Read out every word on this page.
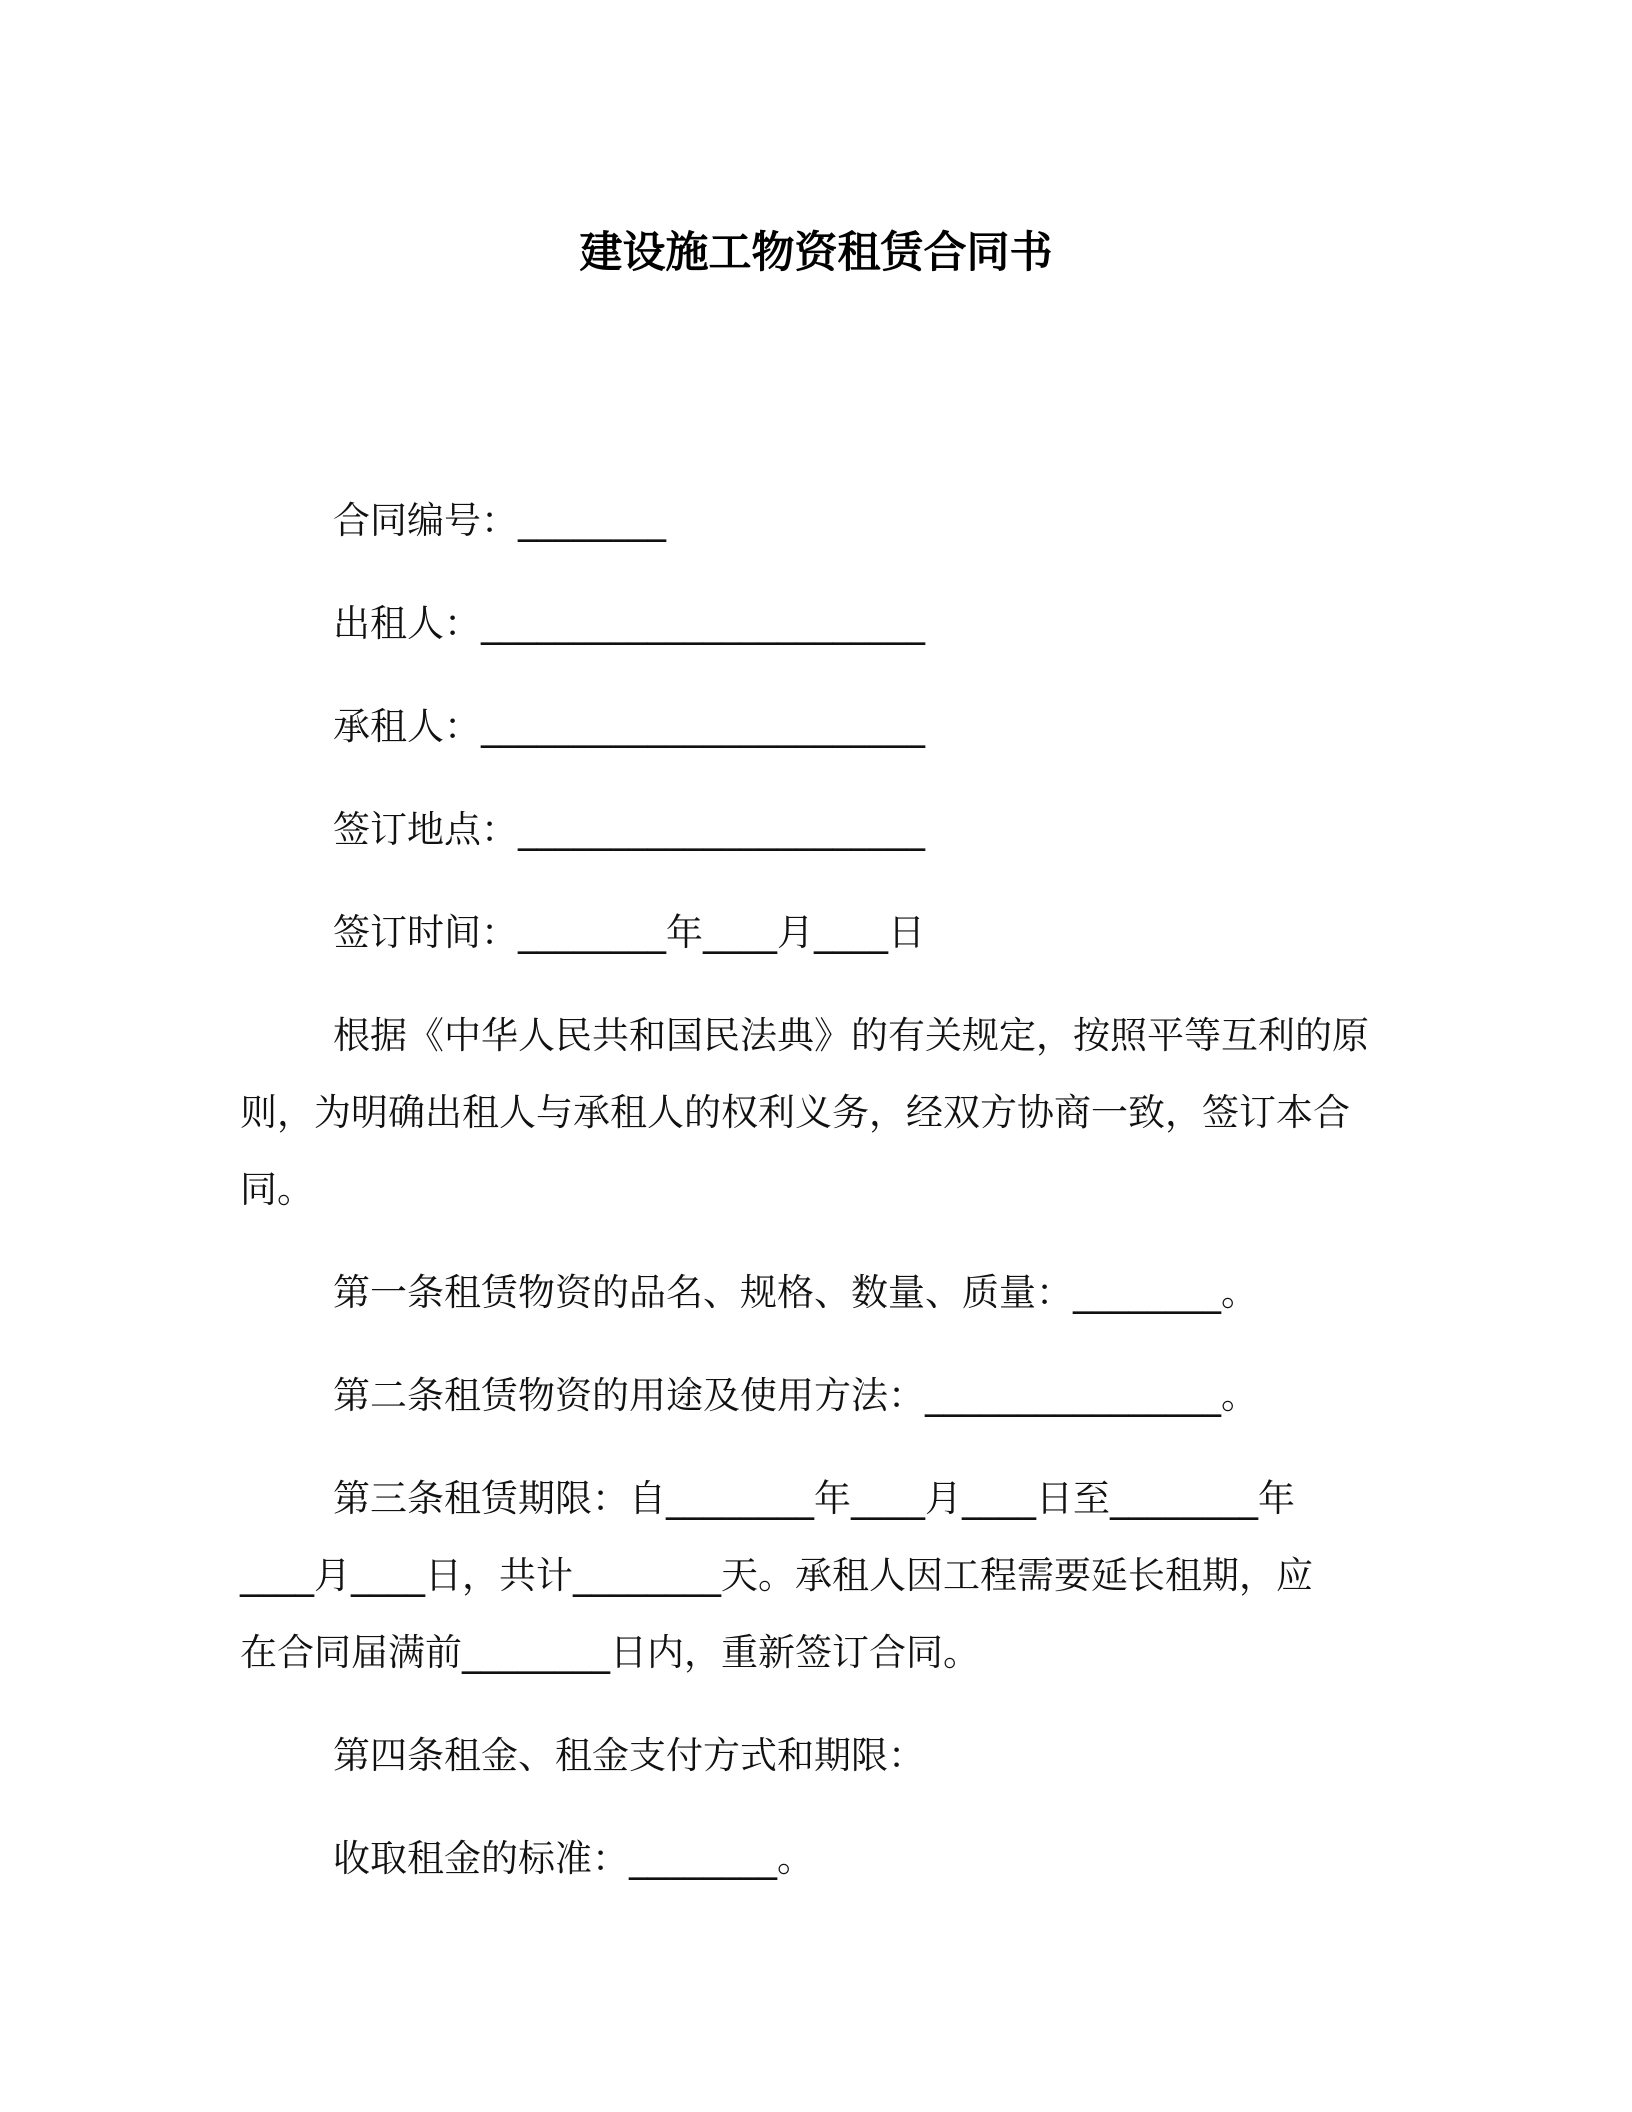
建设施工物资租赁合同书
合同编号：________
出租人：________________________
承租人：________________________
签订地点：______________________
签订时间：________年____月____日
根据《中华人民共和国民法典》的有关规定，按照平等互利的原
则，为明确出租人与承租人的权利义务，经双方协商一致，签订本合
同。
第一条租赁物资的品名、规格、数量、质量：________。
第二条租赁物资的用途及使用方法：________________。
第三条租赁期限：自________年____月____日至________年
____月____日，共计________天。承租人因工程需要延长租期，应
在合同届满前________日内，重新签订合同。
第四条租金、租金支付方式和期限：
收取租金的标准：________。
